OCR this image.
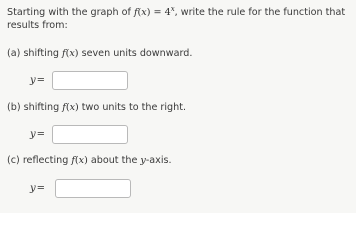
Starting with the graph of $f(x) = 4^x$, write the rule for the function that
results from:
(a) shifting f(x) seven units downward.
y=
(b) shifting f(x) two units to the right.
y=
(c) reflecting f(x) about the y-axis.
y=
